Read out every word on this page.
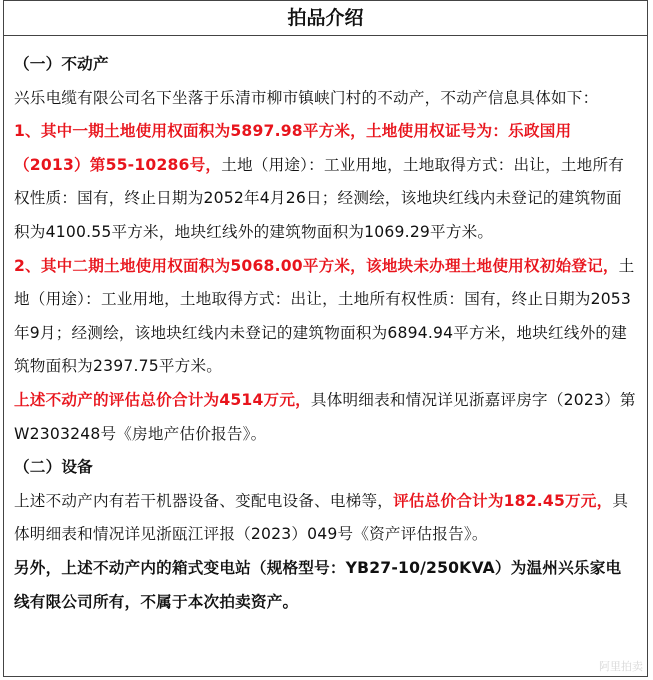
拍品介绍

（一）不动产

兴乐电缆有限公司名下坐落于乐清市柳市镇峡门村的不动产，不动产信息具体如下：

1、其中一期土地使用权面积为5897.98平方米，土地使用权证号为：乐政国用（2013）第55-10286号，土地（用途）：工业用地，土地取得方式：出让，土地所有权性质：国有，终止日期为2052年4月26日；经测绘，该地块红线内未登记的建筑物面积为4100.55平方米，地块红线外的建筑物面积为1069.29平方米。

2、其中二期土地使用权面积为5068.00平方米，该地块未办理土地使用权初始登记，土地（用途）：工业用地，土地取得方式：出让，土地所有权性质：国有，终止日期为2053年9月；经测绘，该地块红线内未登记的建筑物面积为6894.94平方米，地块红线外的建筑物面积为2397.75平方米。

上述不动产的评估总价合计为4514万元，具体明细表和情况详见浙嘉评房字（2023）第W2303248号《房地产估价报告》。

（二）设备

上述不动产内有若干机器设备、变配电设备、电梯等，评估总价合计为182.45万元，具体明细表和情况详见浙瓯江评报（2023）049号《资产评估报告》。

另外，上述不动产内的箱式变电站（规格型号：YB27-10/250KVA）为温州兴乐家电线有限公司所有，不属于本次拍卖资产。

阿里拍卖
